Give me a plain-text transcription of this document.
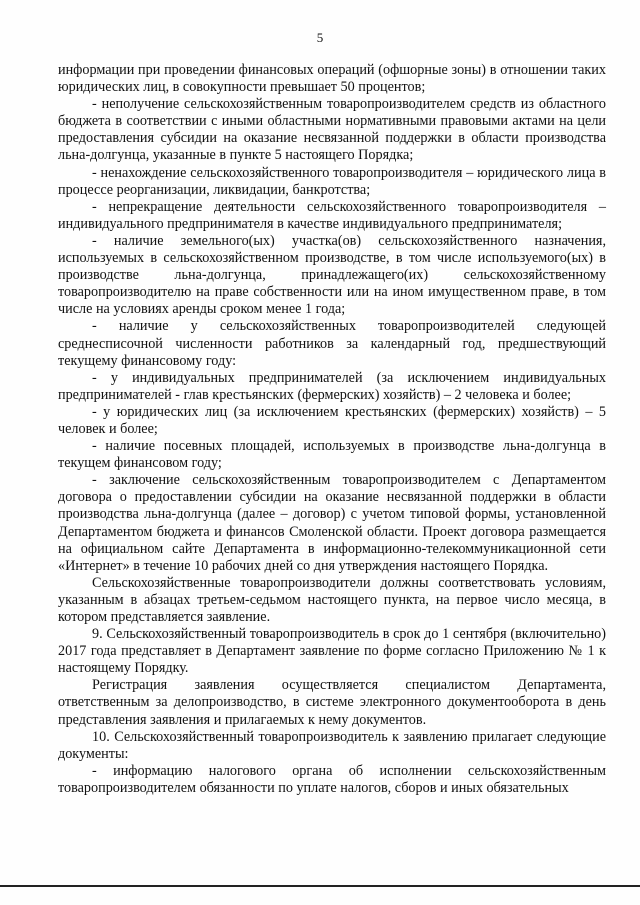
5

информации при проведении финансовых операций (офшорные зоны) в отношении таких юридических лиц, в совокупности превышает 50 процентов;

- неполучение сельскохозяйственным товаропроизводителем средств из областного бюджета в соответствии с иными областными нормативными правовыми актами на цели предоставления субсидии на оказание несвязанной поддержки в области производства льна-долгунца, указанные в пункте 5 настоящего Порядка;

- ненахождение сельскохозяйственного товаропроизводителя – юридического лица в процессе реорганизации, ликвидации, банкротства;

- непрекращение деятельности сельскохозяйственного товаропроизводителя – индивидуального предпринимателя в качестве индивидуального предпринимателя;

- наличие земельного(ых) участка(ов) сельскохозяйственного назначения, используемых в сельскохозяйственном производстве, в том числе используемого(ых) в производстве льна-долгунца, принадлежащего(их) сельскохозяйственному товаропроизводителю на праве собственности или на ином имущественном праве, в том числе на условиях аренды сроком менее 1 года;

- наличие у сельскохозяйственных товаропроизводителей следующей среднесписочной численности работников за календарный год, предшествующий текущему финансовому году:

- у индивидуальных предпринимателей (за исключением индивидуальных предпринимателей - глав крестьянских (фермерских) хозяйств) – 2 человека и более;

- у юридических лиц (за исключением крестьянских (фермерских) хозяйств) – 5 человек и более;

- наличие посевных площадей, используемых в производстве льна-долгунца в текущем финансовом году;

- заключение сельскохозяйственным товаропроизводителем с Департаментом договора о предоставлении субсидии на оказание несвязанной поддержки в области производства льна-долгунца (далее – договор) с учетом типовой формы, установленной Департаментом бюджета и финансов Смоленской области. Проект договора размещается на официальном сайте Департамента в информационно-телекоммуникационной сети «Интернет» в течение 10 рабочих дней со дня утверждения настоящего Порядка.

Сельскохозяйственные товаропроизводители должны соответствовать условиям, указанным в абзацах третьем-седьмом настоящего пункта, на первое число месяца, в котором представляется заявление.

9. Сельскохозяйственный товаропроизводитель в срок до 1 сентября (включительно) 2017 года представляет в Департамент заявление по форме согласно Приложению № 1 к настоящему Порядку.

Регистрация заявления осуществляется специалистом Департамента, ответственным за делопроизводство, в системе электронного документооборота в день представления заявления и прилагаемых к нему документов.

10. Сельскохозяйственный товаропроизводитель к заявлению прилагает следующие документы:

- информацию налогового органа об исполнении сельскохозяйственным товаропроизводителем обязанности по уплате налогов, сборов и иных обязательных
